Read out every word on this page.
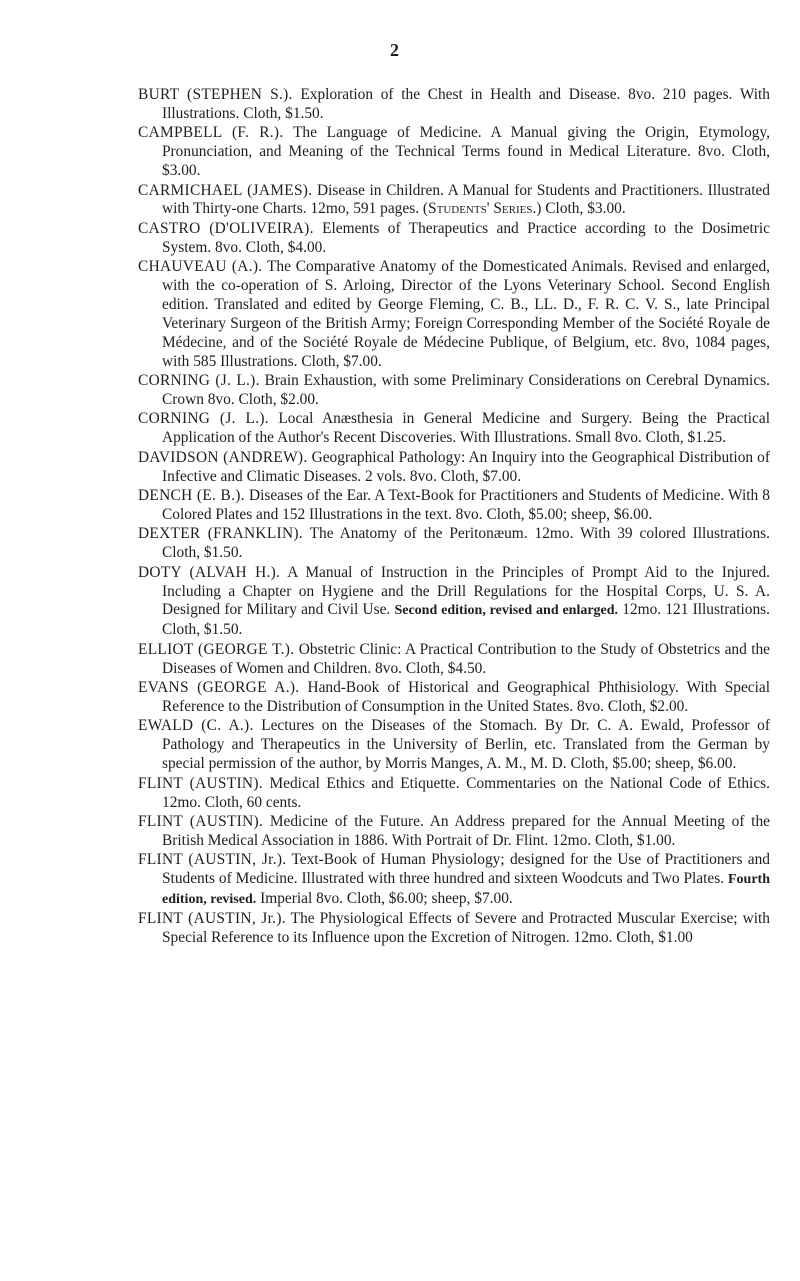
2

BURT (STEPHEN S.). Exploration of the Chest in Health and Disease. 8vo. 210 pages. With Illustrations. Cloth, $1.50.

CAMPBELL (F. R.). The Language of Medicine. A Manual giving the Origin, Etymology, Pronunciation, and Meaning of the Technical Terms found in Medical Literature. 8vo. Cloth, $3.00.

CARMICHAEL (JAMES). Disease in Children. A Manual for Students and Practitioners. Illustrated with Thirty-one Charts. 12mo, 591 pages. (Students' Series.) Cloth, $3.00.

CASTRO (D'OLIVEIRA). Elements of Therapeutics and Practice according to the Dosimetric System. 8vo. Cloth, $4.00.

CHAUVEAU (A.). The Comparative Anatomy of the Domesticated Animals. Revised and enlarged, with the co-operation of S. Arloing, Director of the Lyons Veterinary School. Second English edition. Translated and edited by George Fleming, C. B., LL. D., F. R. C. V. S., late Principal Veterinary Surgeon of the British Army; Foreign Corresponding Member of the Société Royale de Médecine, and of the Société Royale de Médecine Publique, of Belgium, etc. 8vo, 1084 pages, with 585 Illustrations. Cloth, $7.00.

CORNING (J. L.). Brain Exhaustion, with some Preliminary Considerations on Cerebral Dynamics. Crown 8vo. Cloth, $2.00.

CORNING (J. L.). Local Anæsthesia in General Medicine and Surgery. Being the Practical Application of the Author's Recent Discoveries. With Illustrations. Small 8vo. Cloth, $1.25.

DAVIDSON (ANDREW). Geographical Pathology: An Inquiry into the Geographical Distribution of Infective and Climatic Diseases. 2 vols. 8vo. Cloth, $7.00.

DENCH (E. B.). Diseases of the Ear. A Text-Book for Practitioners and Students of Medicine. With 8 Colored Plates and 152 Illustrations in the text. 8vo. Cloth, $5.00; sheep, $6.00.

DEXTER (FRANKLIN). The Anatomy of the Peritonæum. 12mo. With 39 colored Illustrations. Cloth, $1.50.

DOTY (ALVAH H.). A Manual of Instruction in the Principles of Prompt Aid to the Injured. Including a Chapter on Hygiene and the Drill Regulations for the Hospital Corps, U. S. A. Designed for Military and Civil Use. Second edition, revised and enlarged. 12mo. 121 Illustrations. Cloth, $1.50.

ELLIOT (GEORGE T.). Obstetric Clinic: A Practical Contribution to the Study of Obstetrics and the Diseases of Women and Children. 8vo. Cloth, $4.50.

EVANS (GEORGE A.). Hand-Book of Historical and Geographical Phthisiology. With Special Reference to the Distribution of Consumption in the United States. 8vo. Cloth, $2.00.

EWALD (C. A.). Lectures on the Diseases of the Stomach. By Dr. C. A. Ewald, Professor of Pathology and Therapeutics in the University of Berlin, etc. Translated from the German by special permission of the author, by Morris Manges, A. M., M. D. Cloth, $5.00; sheep, $6.00.

FLINT (AUSTIN). Medical Ethics and Etiquette. Commentaries on the National Code of Ethics. 12mo. Cloth, 60 cents.

FLINT (AUSTIN). Medicine of the Future. An Address prepared for the Annual Meeting of the British Medical Association in 1886. With Portrait of Dr. Flint. 12mo. Cloth, $1.00.

FLINT (AUSTIN, Jr.). Text-Book of Human Physiology; designed for the Use of Practitioners and Students of Medicine. Illustrated with three hundred and sixteen Woodcuts and Two Plates. Fourth edition, revised. Imperial 8vo. Cloth, $6.00; sheep, $7.00.

FLINT (AUSTIN, Jr.). The Physiological Effects of Severe and Protracted Muscular Exercise; with Special Reference to its Influence upon the Excretion of Nitrogen. 12mo. Cloth, $1.00
